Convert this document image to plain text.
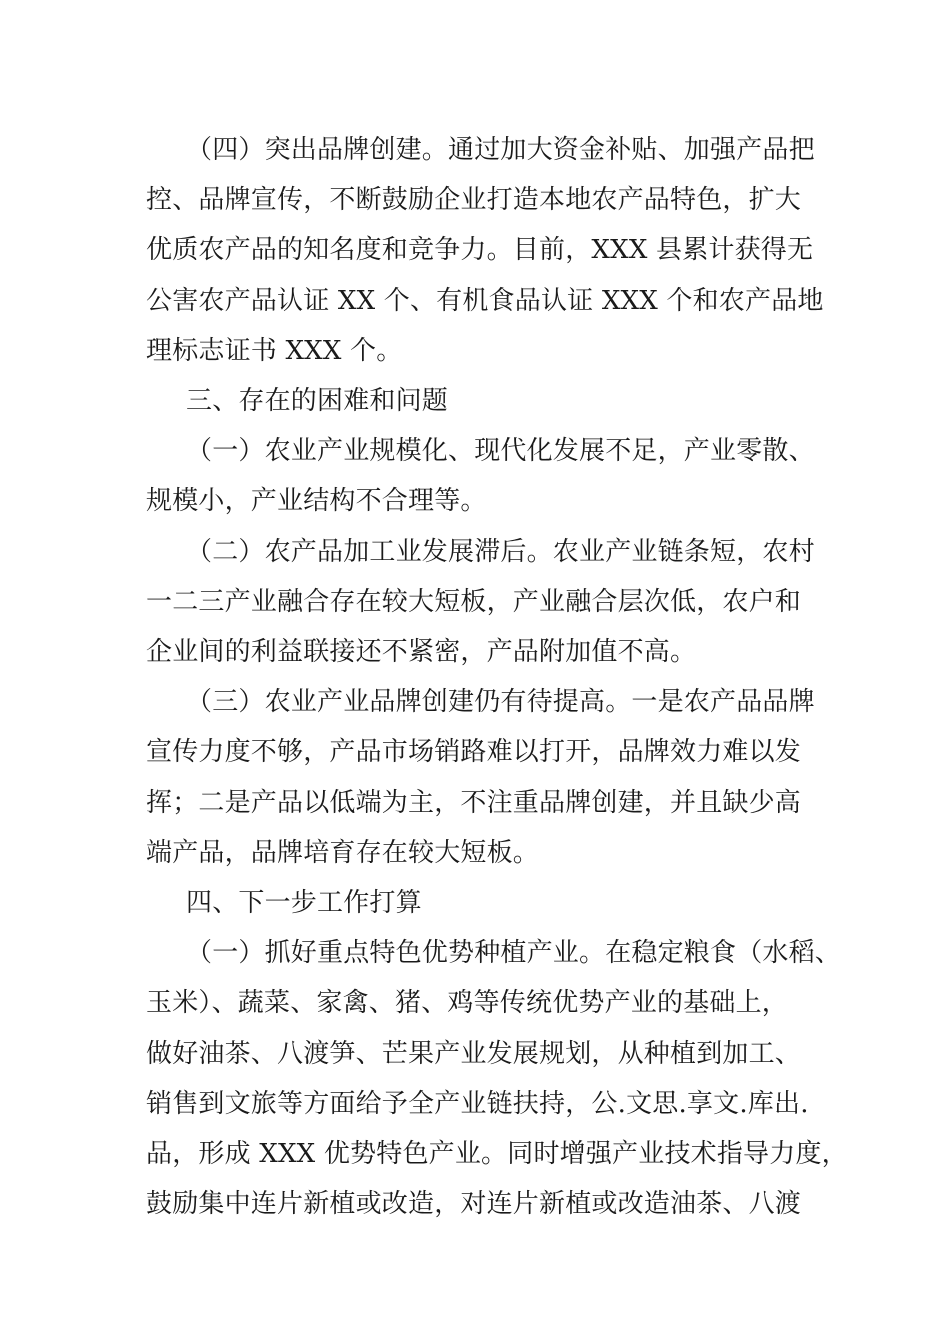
（四）突出品牌创建。通过加大资金补贴、加强产品把
控、品牌宣传，不断鼓励企业打造本地农产品特色，扩大
优质农产品的知名度和竞争力。目前，XXX 县累计获得无
公害农产品认证 XX 个、有机食品认证 XXX 个和农产品地
理标志证书 XXX 个。
三、存在的困难和问题
（一）农业产业规模化、现代化发展不足，产业零散、
规模小，产业结构不合理等。
（二）农产品加工业发展滞后。农业产业链条短，农村
一二三产业融合存在较大短板，产业融合层次低，农户和
企业间的利益联接还不紧密，产品附加值不高。
（三）农业产业品牌创建仍有待提高。一是农产品品牌
宣传力度不够，产品市场销路难以打开，品牌效力难以发
挥；二是产品以低端为主，不注重品牌创建，并且缺少高
端产品，品牌培育存在较大短板。
四、下一步工作打算
（一）抓好重点特色优势种植产业。在稳定粮食（水稻、
玉米）、蔬菜、家禽、猪、鸡等传统优势产业的基础上，
做好油茶、八渡笋、芒果产业发展规划，从种植到加工、
销售到文旅等方面给予全产业链扶持，公.文思.享文.库出.
品，形成 XXX 优势特色产业。同时增强产业技术指导力度，
鼓励集中连片新植或改造，对连片新植或改造油茶、八渡
